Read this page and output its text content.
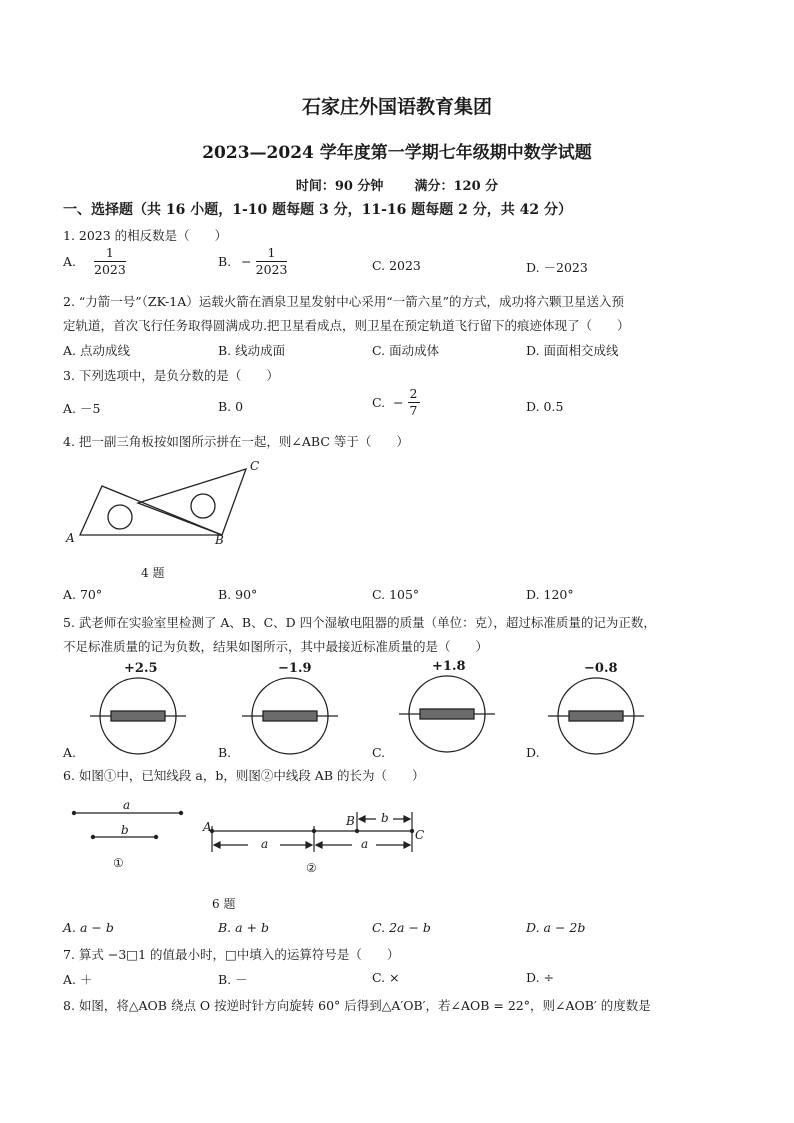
石家庄外国语教育集团
2023—2024 学年度第一学期七年级期中数学试题
时间：90 分钟 满分：120 分
一、选择题（共 16 小题，1-10 题每题 3 分，11-16 题每题 2 分，共 42 分）
1. 2023 的相反数是（　　）
A. $\frac{1}{2023}$	B. − $\frac{1}{2023}$	C. 2023	D. －2023
2. “力箭一号”（ZK-1A）运载火箭在酒泉卫星发射中心采用“一箭六星”的方式，成功将六颗卫星送入预
定轨道，首次飞行任务取得圆满成功.把卫星看成点，则卫星在预定轨道飞行留下的痕迹体现了（　　）
A. 点动成线	B. 线动成面	C. 面动成体	D. 面面相交成线
3. 下列选项中，是负分数的是（　　）
A. －5	B. 0	C. − $\frac{2}{7}$	D. 0.5
4. 把一副三角板按如图所示拼在一起，则∠ABC 等于（　　）
A	B
C
4 题
A. 70°	B. 90°	C. 105°	D. 120°
5. 武老师在实验室里检测了 A、B、C、D 四个湿敏电阻器的质量（单位：克），超过标准质量的记为正数，
不足标准质量的记为负数，结果如图所示，其中最接近标准质量的是（　　）
+2.5	−1.9	+1.8	−0.8
A.	B.	C.	D.
6. 如图①中，已知线段 a，b，则图②中线段 AB 的长为（　　）
a
b
①
A	B
C
a	a
b
②
6 题
A. a − b	B. a + b	C. 2a − b	D. a − 2b
7. 算式 −3□1 的值最小时，□中填入的运算符号是（　　）
A. ＋	B. －	C. ×	D. ÷
8. 如图，将△AOB 绕点 O 按逆时针方向旋转 60° 后得到△A′OB′，若∠AOB = 22°，则∠AOB′ 的度数是
